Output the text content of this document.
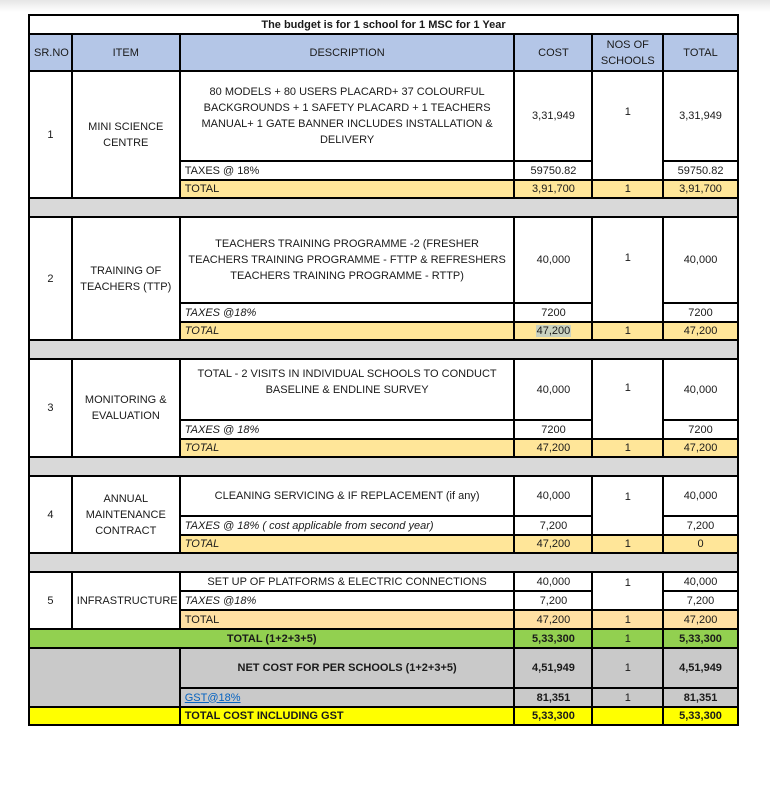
The budget is for 1 school for 1 MSC for 1 Year					
SR.NO	ITEM	DESCRIPTION	COST	NOS OF SCHOOLS	TOTAL
1	MINI SCIENCE CENTRE	80 MODELS + 80 USERS PLACARD+ 37 COLOURFUL BACKGROUNDS + 1 SAFETY PLACARD + 1 TEACHERS MANUAL+ 1 GATE BANNER INCLUDES INSTALLATION & DELIVERY	3,31,949	1	3,31,949
		TAXES @ 18%	59750.82		59750.82
		TOTAL	3,91,700	1	3,91,700

2	TRAINING OF TEACHERS (TTP)	TEACHERS TRAINING PROGRAMME -2 (FRESHER TEACHERS TRAINING PROGRAMME - FTTP & REFRESHERS TEACHERS TRAINING PROGRAMME - RTTP)	40,000	1	40,000
		TAXES @18%	7200		7200
		TOTAL	47,200	1	47,200

3	MONITORING & EVALUATION	TOTAL - 2 VISITS IN INDIVIDUAL SCHOOLS TO CONDUCT BASELINE & ENDLINE SURVEY	40,000	1	40,000
		TAXES @ 18%	7200		7200
		TOTAL	47,200	1	47,200

4	ANNUAL MAINTENANCE CONTRACT	CLEANING SERVICING & IF REPLACEMENT (if any)	40,000	1	40,000
		TAXES @ 18% ( cost applicable from second year)	7,200		7,200
		TOTAL	47,200	1	0

5	INFRASTRUCTURE	SET UP OF PLATFORMS & ELECTRIC CONNECTIONS	40,000	1	40,000
		TAXES @18%	7,200		7,200
		TOTAL	47,200	1	47,200
TOTAL (1+2+3+5)			5,33,300	1	5,33,300
		NET COST FOR PER SCHOOLS (1+2+3+5)	4,51,949	1	4,51,949
		GST@18%	81,351	1	81,351
		TOTAL COST INCLUDING GST	5,33,300		5,33,300
